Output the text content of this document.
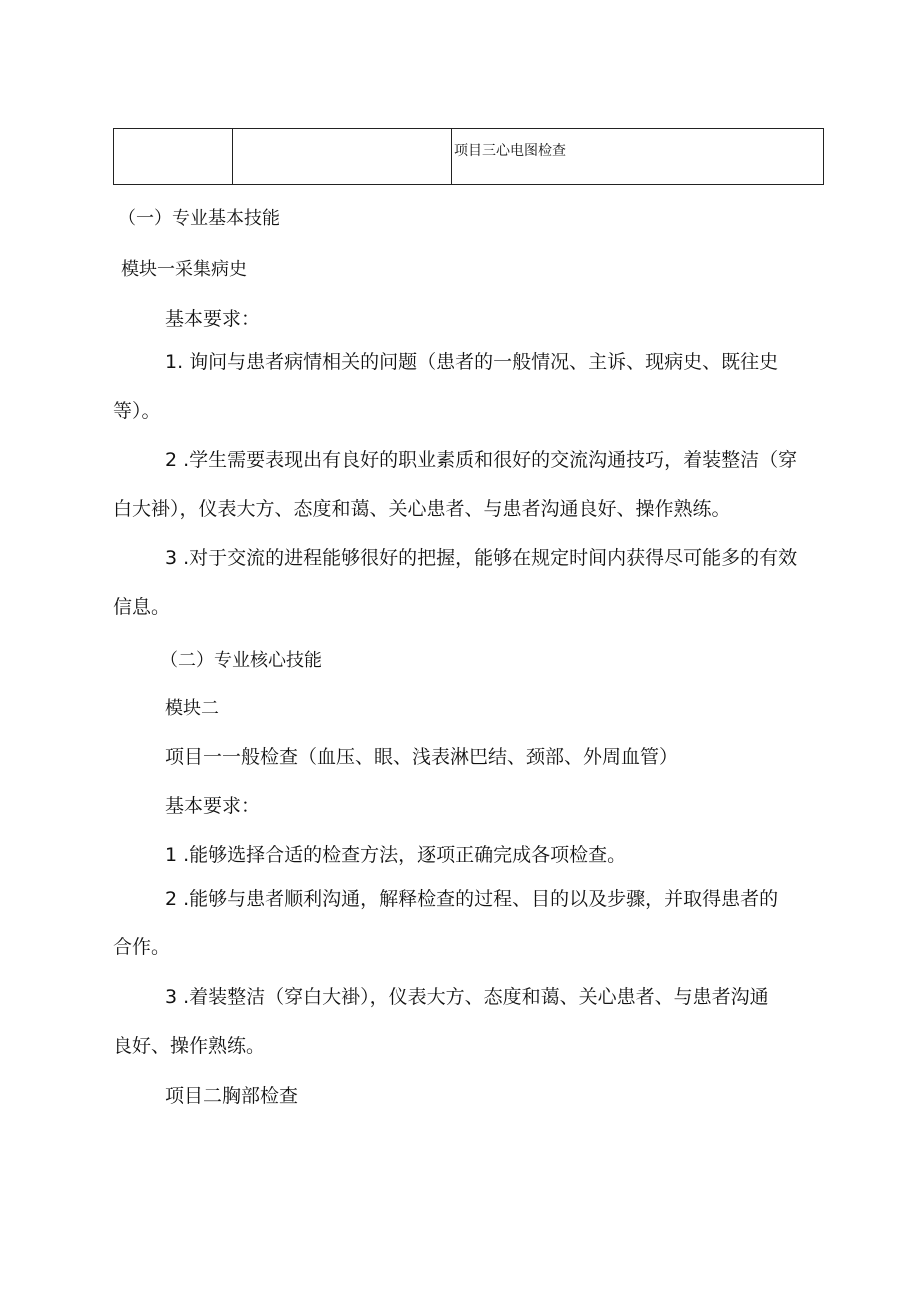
		项目三心电图检查

（一）专业基本技能

模块一采集病史

基本要求：

1. 询问与患者病情相关的问题（患者的一般情况、主诉、现病史、既往史

等）。

2 .学生需要表现出有良好的职业素质和很好的交流沟通技巧，着装整洁（穿

白大褂），仪表大方、态度和蔼、关心患者、与患者沟通良好、操作熟练。

3 .对于交流的进程能够很好的把握，能够在规定时间内获得尽可能多的有效

信息。

（二）专业核心技能

模块二

项目一一般检查（血压、眼、浅表淋巴结、颈部、外周血管）

基本要求：

1 .能够选择合适的检查方法，逐项正确完成各项检查。

2 .能够与患者顺利沟通，解释检查的过程、目的以及步骤，并取得患者的

合作。

3 .着装整洁（穿白大褂），仪表大方、态度和蔼、关心患者、与患者沟通

良好、操作熟练。

项目二胸部检查
